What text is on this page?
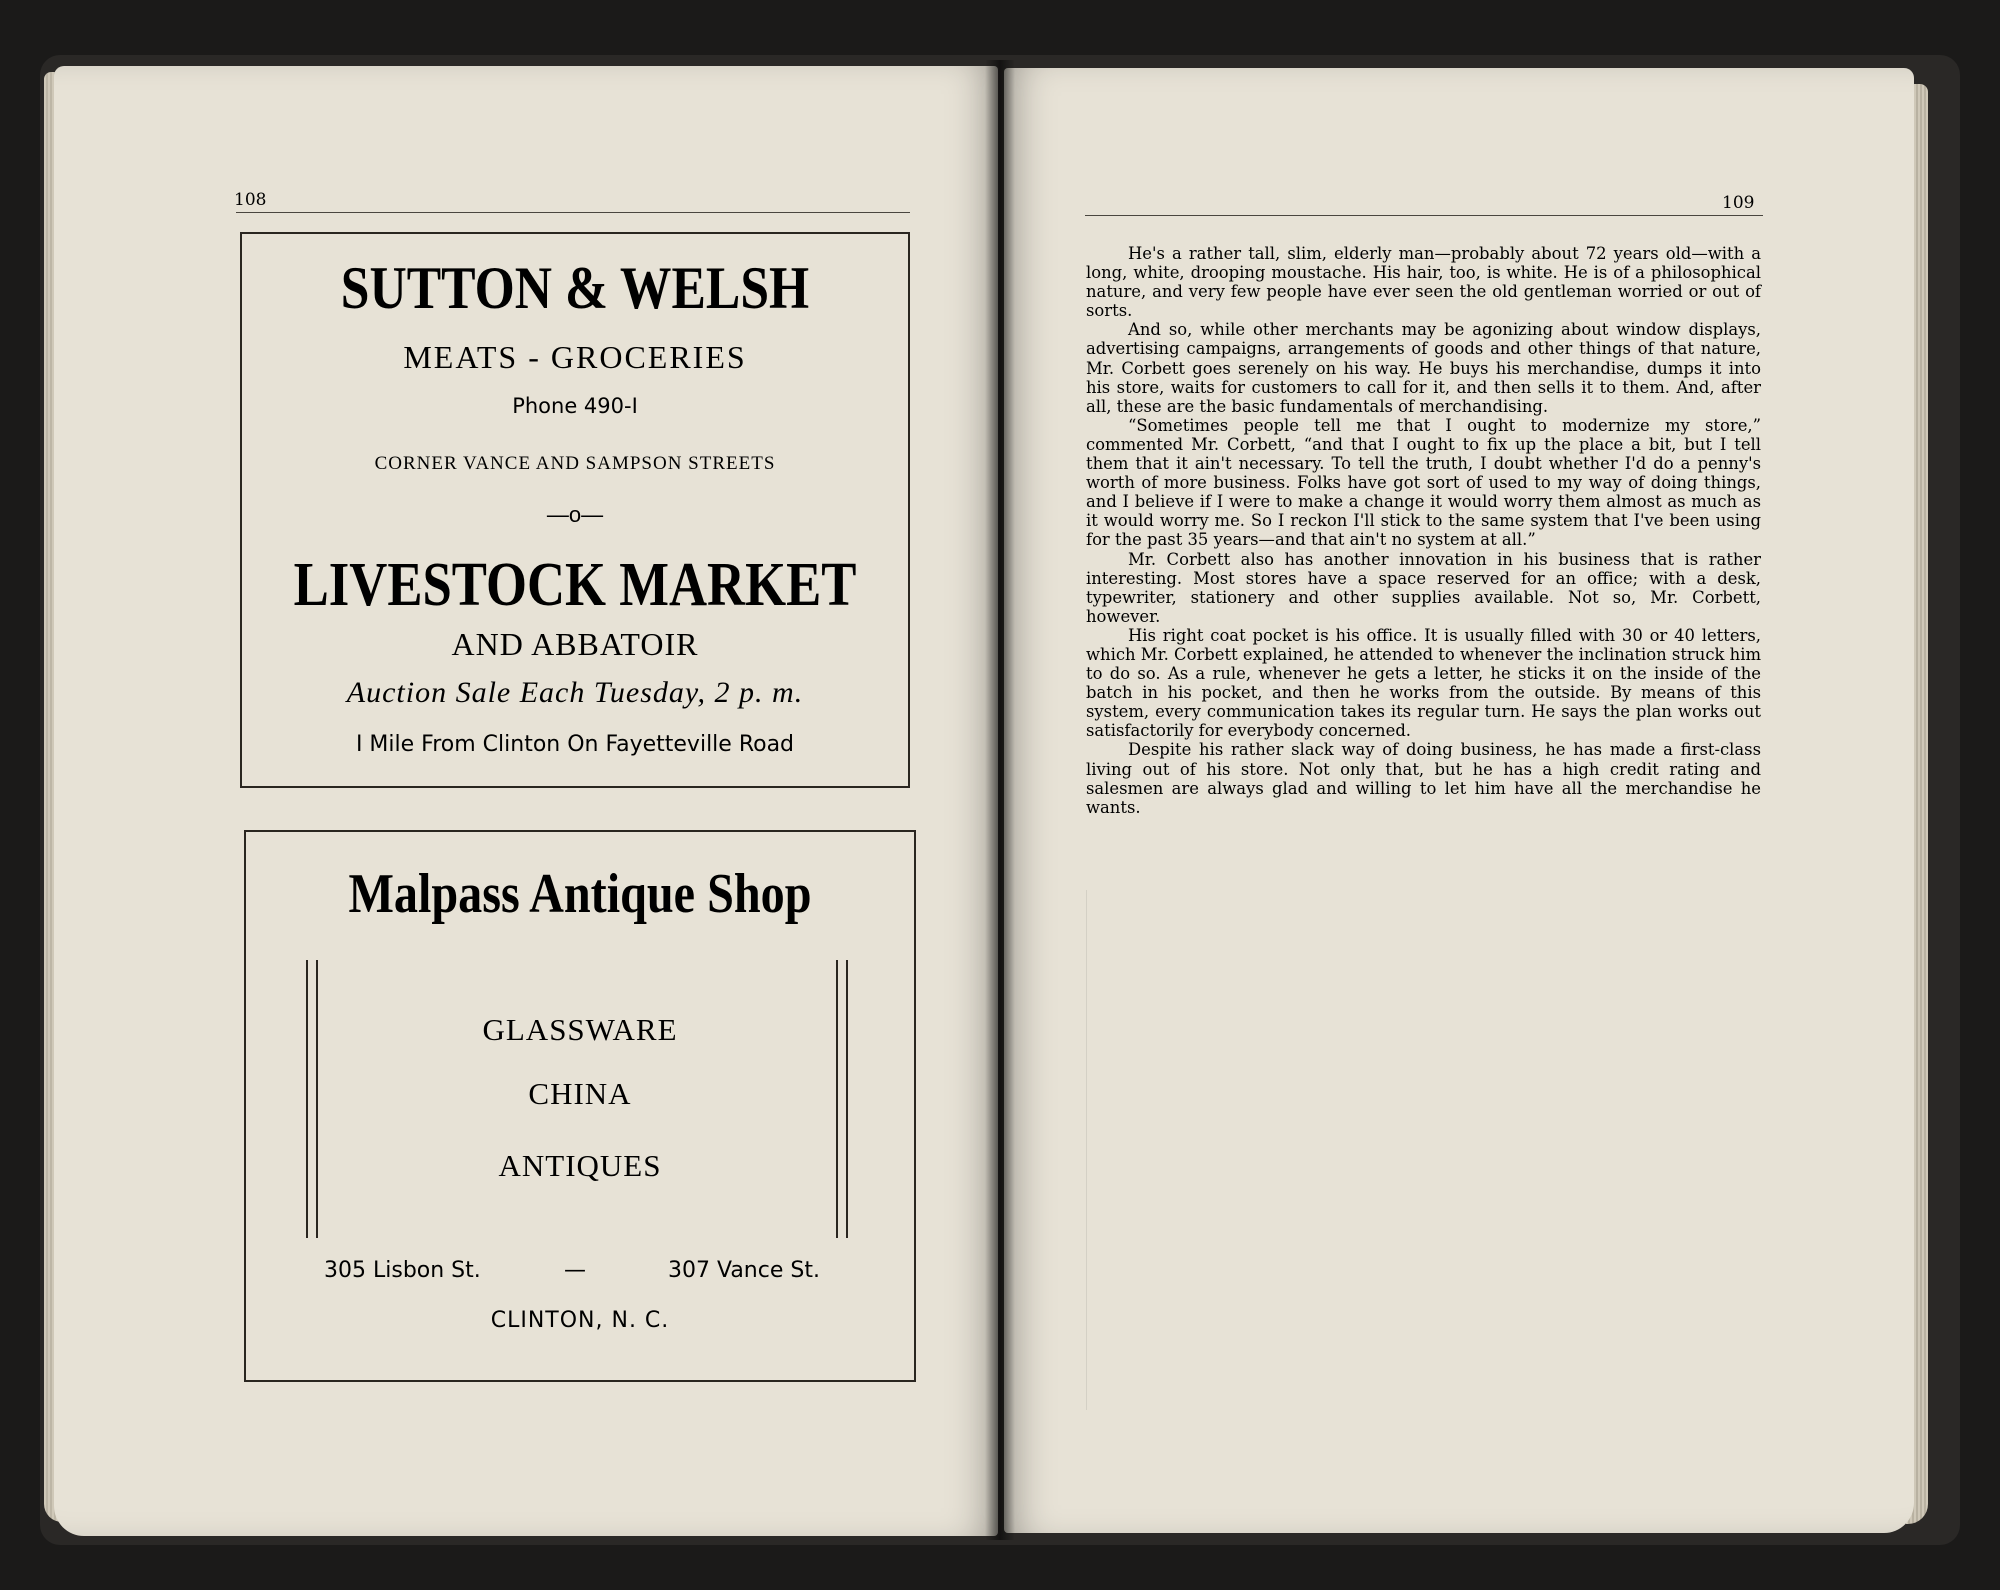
108
SUTTON & WELSH
MEATS - GROCERIES
Phone 490-I
CORNER VANCE AND SAMPSON STREETS
—o—
LIVESTOCK MARKET
AND ABBATOIR
Auction Sale Each Tuesday, 2 p. m.
I Mile From Clinton On Fayetteville Road
Malpass Antique Shop
GLASSWARE
CHINA
ANTIQUES
305 Lisbon St.	—	307 Vance St.
CLINTON, N. C.
109

He's a rather tall, slim, elderly man—probably about 72 years old—with a long, white, drooping moustache. His hair, too, is white. He is of a philosophical nature, and very few people have ever seen the old gentleman worried or out of sorts.

And so, while other merchants may be agonizing about window displays, advertising campaigns, arrangements of goods and other things of that nature, Mr. Corbett goes serenely on his way. He buys his merchandise, dumps it into his store, waits for customers to call for it, and then sells it to them. And, after all, these are the basic fundamentals of merchandising.

“Sometimes people tell me that I ought to modernize my store,” commented Mr. Corbett, “and that I ought to fix up the place a bit, but I tell them that it ain't necessary. To tell the truth, I doubt whether I'd do a penny's worth of more business. Folks have got sort of used to my way of doing things, and I believe if I were to make a change it would worry them almost as much as it would worry me. So I reckon I'll stick to the same system that I've been using for the past 35 years—and that ain't no system at all.”

Mr. Corbett also has another innovation in his business that is rather interesting. Most stores have a space reserved for an office; with a desk, typewriter, stationery and other supplies available. Not so, Mr. Corbett, however.

His right coat pocket is his office. It is usually filled with 30 or 40 letters, which Mr. Corbett explained, he attended to whenever the inclination struck him to do so. As a rule, whenever he gets a letter, he sticks it on the inside of the batch in his pocket, and then he works from the outside. By means of this system, every communication takes its regular turn. He says the plan works out satisfactorily for everybody concerned.

Despite his rather slack way of doing business, he has made a first-class living out of his store. Not only that, but he has a high credit rating and salesmen are always glad and willing to let him have all the merchandise he wants.
